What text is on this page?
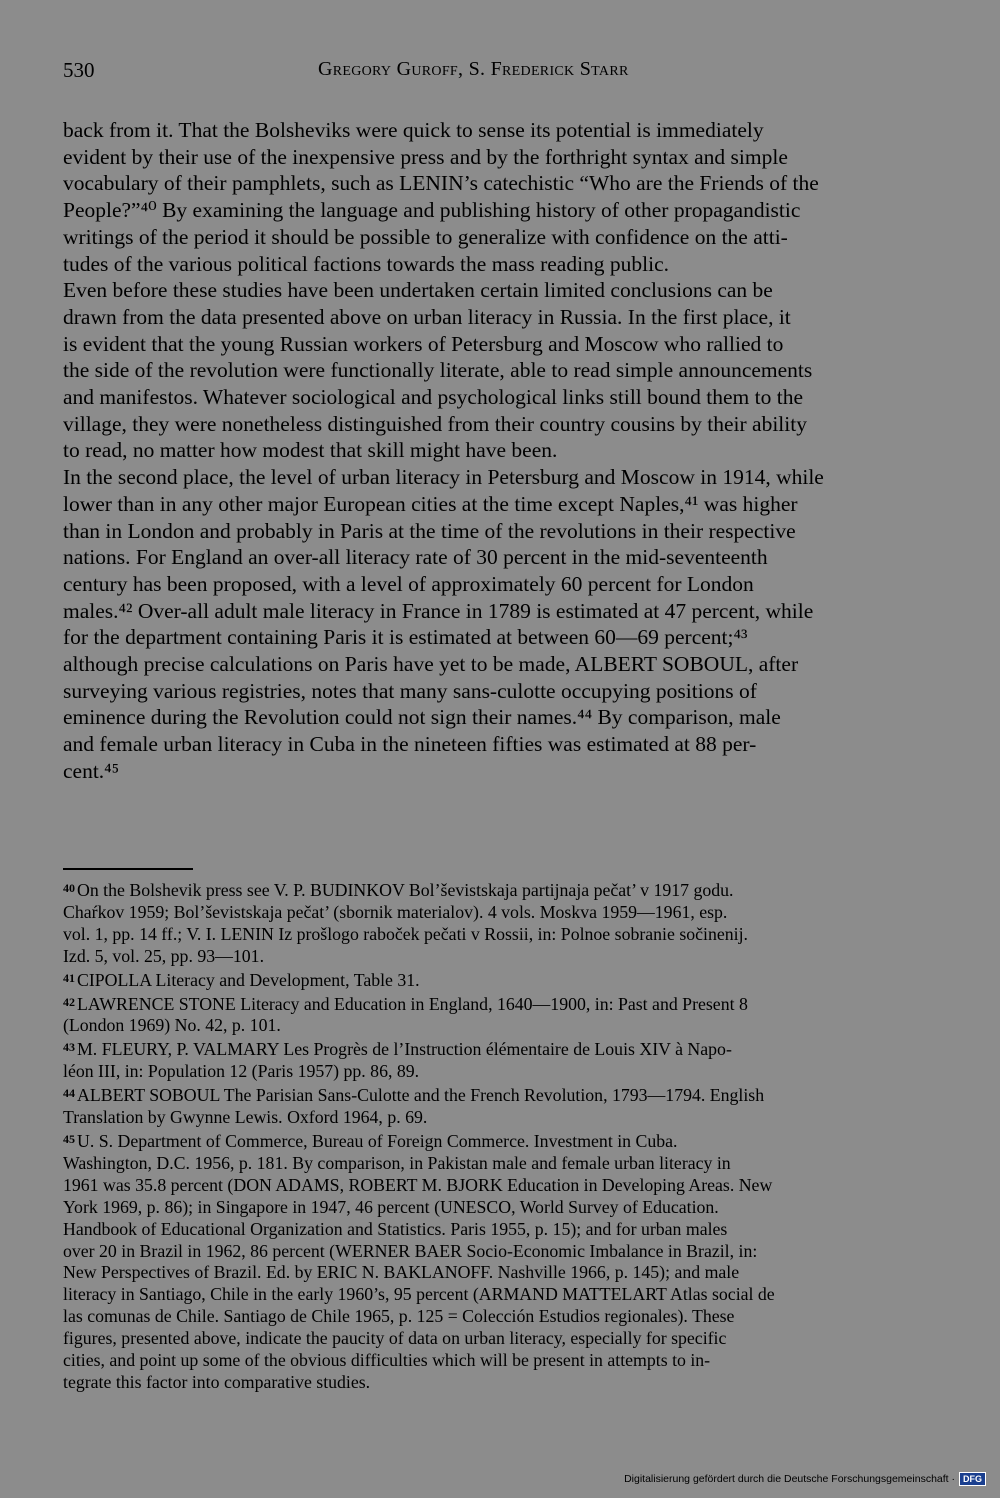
530	Gregory Guroff, S. Frederick Starr

back from it. That the Bolsheviks were quick to sense its potential is immediately
evident by their use of the inexpensive press and by the forthright syntax and simple
vocabulary of their pamphlets, such as LENIN’s catechistic “Who are the Friends of the
People?”⁴⁰ By examining the language and publishing history of other propagandistic
writings of the period it should be possible to generalize with confidence on the atti-
tudes of the various political factions towards the mass reading public.

Even before these studies have been undertaken certain limited conclusions can be
drawn from the data presented above on urban literacy in Russia. In the first place, it
is evident that the young Russian workers of Petersburg and Moscow who rallied to
the side of the revolution were functionally literate, able to read simple announcements
and manifestos. Whatever sociological and psychological links still bound them to the
village, they were nonetheless distinguished from their country cousins by their ability
to read, no matter how modest that skill might have been.

In the second place, the level of urban literacy in Petersburg and Moscow in 1914, while
lower than in any other major European cities at the time except Naples,⁴¹ was higher
than in London and probably in Paris at the time of the revolutions in their respective
nations. For England an over-all literacy rate of 30 percent in the mid-seventeenth
century has been proposed, with a level of approximately 60 percent for London
males.⁴² Over-all adult male literacy in France in 1789 is estimated at 47 percent, while
for the department containing Paris it is estimated at between 60—69 percent;⁴³
although precise calculations on Paris have yet to be made, ALBERT SOBOUL, after
surveying various registries, notes that many sans-culotte occupying positions of
eminence during the Revolution could not sign their names.⁴⁴ By comparison, male
and female urban literacy in Cuba in the nineteen fifties was estimated at 88 per-
cent.⁴⁵

$^{40}$ On the Bolshevik press see V. P. BUDINKOV Bol’ševistskaja partijnaja pečat’ v 1917 godu.
Chaŕkov 1959; Bol’ševistskaja pečat’ (sbornik materialov). 4 vols. Moskva 1959—1961, esp.
vol. 1, pp. 14 ff.; V. I. LENIN Iz prošlogo raboček pečati v Rossii, in: Polnoe sobranie sočinenij.
Izd. 5, vol. 25, pp. 93—101.

$^{41}$ CIPOLLA Literacy and Development, Table 31.

$^{42}$ LAWRENCE STONE Literacy and Education in England, 1640—1900, in: Past and Present 8
(London 1969) No. 42, p. 101.

$^{43}$ M. FLEURY, P. VALMARY Les Progrès de l’Instruction élémentaire de Louis XIV à Napo-
léon III, in: Population 12 (Paris 1957) pp. 86, 89.

$^{44}$ ALBERT SOBOUL The Parisian Sans-Culotte and the French Revolution, 1793—1794. English
Translation by Gwynne Lewis. Oxford 1964, p. 69.

$^{45}$ U. S. Department of Commerce, Bureau of Foreign Commerce. Investment in Cuba.
Washington, D.C. 1956, p. 181. By comparison, in Pakistan male and female urban literacy in
1961 was 35.8 percent (DON ADAMS, ROBERT M. BJORK Education in Developing Areas. New
York 1969, p. 86); in Singapore in 1947, 46 percent (UNESCO, World Survey of Education.
Handbook of Educational Organization and Statistics. Paris 1955, p. 15); and for urban males
over 20 in Brazil in 1962, 86 percent (WERNER BAER Socio-Economic Imbalance in Brazil, in:
New Perspectives of Brazil. Ed. by ERIC N. BAKLANOFF. Nashville 1966, p. 145); and male
literacy in Santiago, Chile in the early 1960’s, 95 percent (ARMAND MATTELART Atlas social de
las comunas de Chile. Santiago de Chile 1965, p. 125 = Colección Estudios regionales). These
figures, presented above, indicate the paucity of data on urban literacy, especially for specific
cities, and point up some of the obvious difficulties which will be present in attempts to in-
tegrate this factor into comparative studies.

Digitalisierung gefördert durch die Deutsche Forschungsgemeinschaft · DFG
